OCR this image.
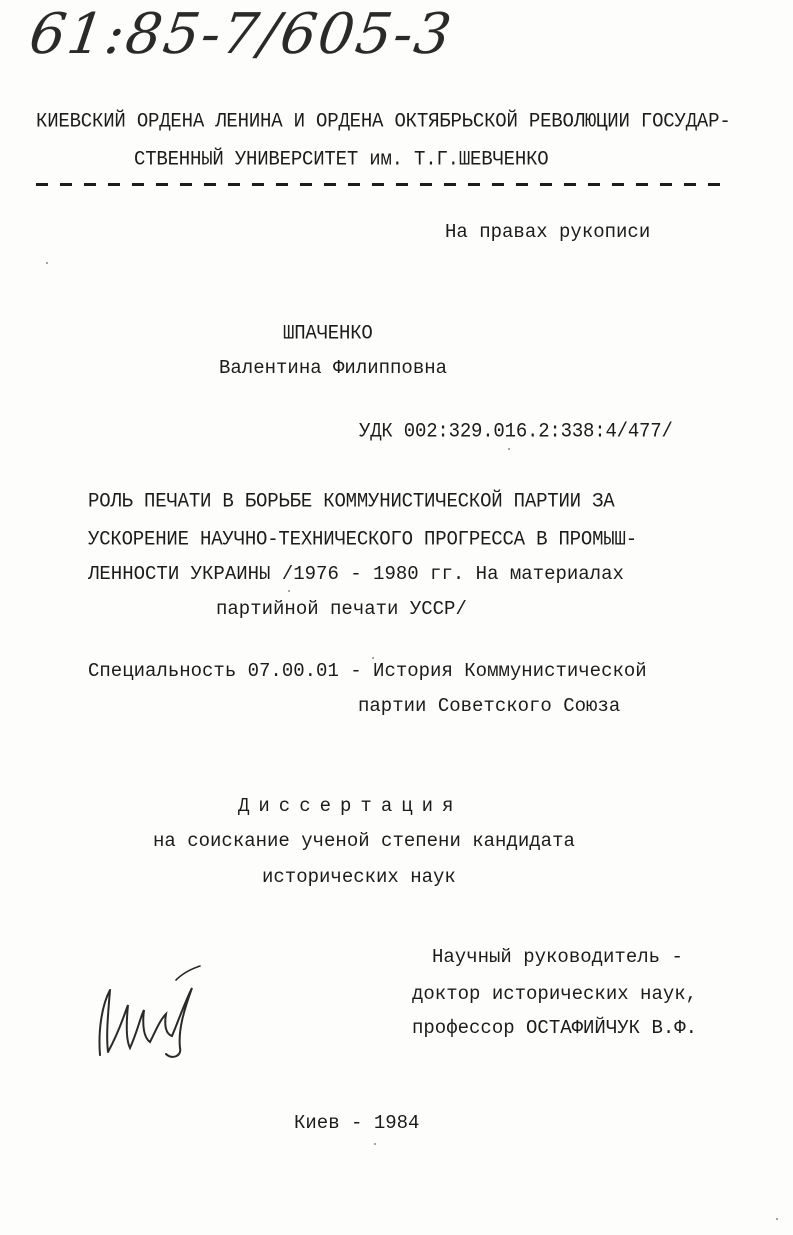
61:85-7/605-3
КИЕВСКИЙ ОРДЕНА ЛЕНИНА И ОРДЕНА ОКТЯБРЬСКОЙ РЕВОЛЮЦИИ ГОСУДАР-
СТВЕННЫЙ УНИВЕРСИТЕТ им. Т.Г.ШЕВЧЕНКО
На правах рукописи
ШПАЧЕНКО
Валентина Филипповна
УДК 002:329.016.2:338:4/477/
РОЛЬ ПЕЧАТИ В БОРЬБЕ КОММУНИСТИЧЕСКОЙ ПАРТИИ ЗА
УСКОРЕНИЕ НАУЧНО-ТЕХНИЧЕСКОГО ПРОГРЕССА В ПРОМЫШ-
ЛЕННОСТИ УКРАИНЫ /1976 - 1980 гг. На материалах
партийной печати УССР/
Специальность 07.00.01 - История Коммунистической
партии Советского Союза
Диссертация
на соискание ученой степени кандидата
исторических наук
Научный руководитель -
доктор исторических наук,
профессор ОСТАФИЙЧУК В.Ф.
Киев - 1984
